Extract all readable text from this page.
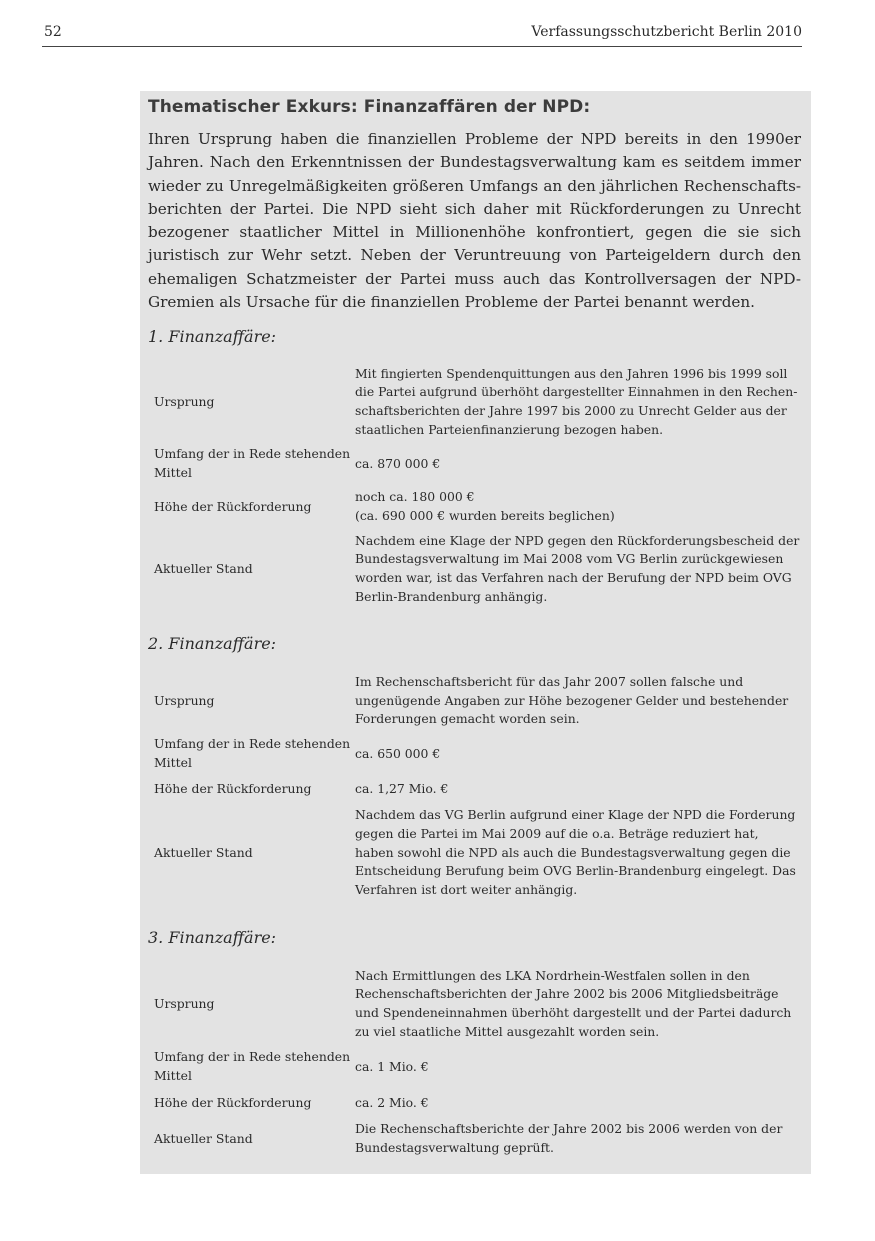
52	Verfassungsschutzbericht Berlin 2010
Thematischer Exkurs: Finanzaffären der NPD:

Ihren Ursprung haben die finanziellen Probleme der NPD bereits in den 1990er Jahren. Nach den Erkenntnissen der Bundestagsverwaltung kam es seitdem immer wieder zu Unregelmäßigkeiten größeren Umfangs an den jährlichen Rechenschaftsberichten der Partei. Die NPD sieht sich daher mit Rückforderungen zu Unrecht bezogener staatlicher Mittel in Millionenhöhe konfrontiert, gegen die sie sich juristisch zur Wehr setzt. Neben der Veruntreuung von Parteigeldern durch den ehemaligen Schatzmeister der Partei muss auch das Kontrollversagen der NPD-Gremien als Ursache für die finanziellen Probleme der Partei benannt werden.

1. Finanzaffäre:
Ursprung
Mit fingierten Spendenquittungen aus den Jahren 1996 bis 1999 soll die Partei aufgrund überhöht dargestellter Einnahmen in den Rechenschaftsberichten der Jahre 1997 bis 2000 zu Unrecht Gelder aus der staatlichen Parteienfinanzierung bezogen haben.
Umfang der in Rede stehenden Mittel
ca. 870 000 €
Höhe der Rückforderung
noch ca. 180 000 €
(ca. 690 000 € wurden bereits beglichen)
Aktueller Stand
Nachdem eine Klage der NPD gegen den Rückforderungsbescheid der Bundestagsverwaltung im Mai 2008 vom VG Berlin zurückgewiesen worden war, ist das Verfahren nach der Berufung der NPD beim OVG Berlin-Brandenburg anhängig.
2. Finanzaffäre:
Ursprung
Im Rechenschaftsbericht für das Jahr 2007 sollen falsche und ungenügende Angaben zur Höhe bezogener Gelder und bestehender Forderungen gemacht worden sein.
Umfang der in Rede stehenden Mittel
ca. 650 000 €
Höhe der Rückforderung	ca. 1,27 Mio. €
Aktueller Stand
Nachdem das VG Berlin aufgrund einer Klage der NPD die Forderung gegen die Partei im Mai 2009 auf die o.a. Beträge reduziert hat, haben sowohl die NPD als auch die Bundestagsverwaltung gegen die Entscheidung Berufung beim OVG Berlin-Brandenburg eingelegt. Das Verfahren ist dort weiter anhängig.
3. Finanzaffäre:
Ursprung
Nach Ermittlungen des LKA Nordrhein-Westfalen sollen in den Rechenschaftsberichten der Jahre 2002 bis 2006 Mitgliedsbeiträge und Spendeneinnahmen überhöht dargestellt und der Partei dadurch zu viel staatliche Mittel ausgezahlt worden sein.
Umfang der in Rede stehenden Mittel
ca. 1 Mio. €
Höhe der Rückforderung	ca. 2 Mio. €
Aktueller Stand
Die Rechenschaftsberichte der Jahre 2002 bis 2006 werden von der Bundestagsverwaltung geprüft.
